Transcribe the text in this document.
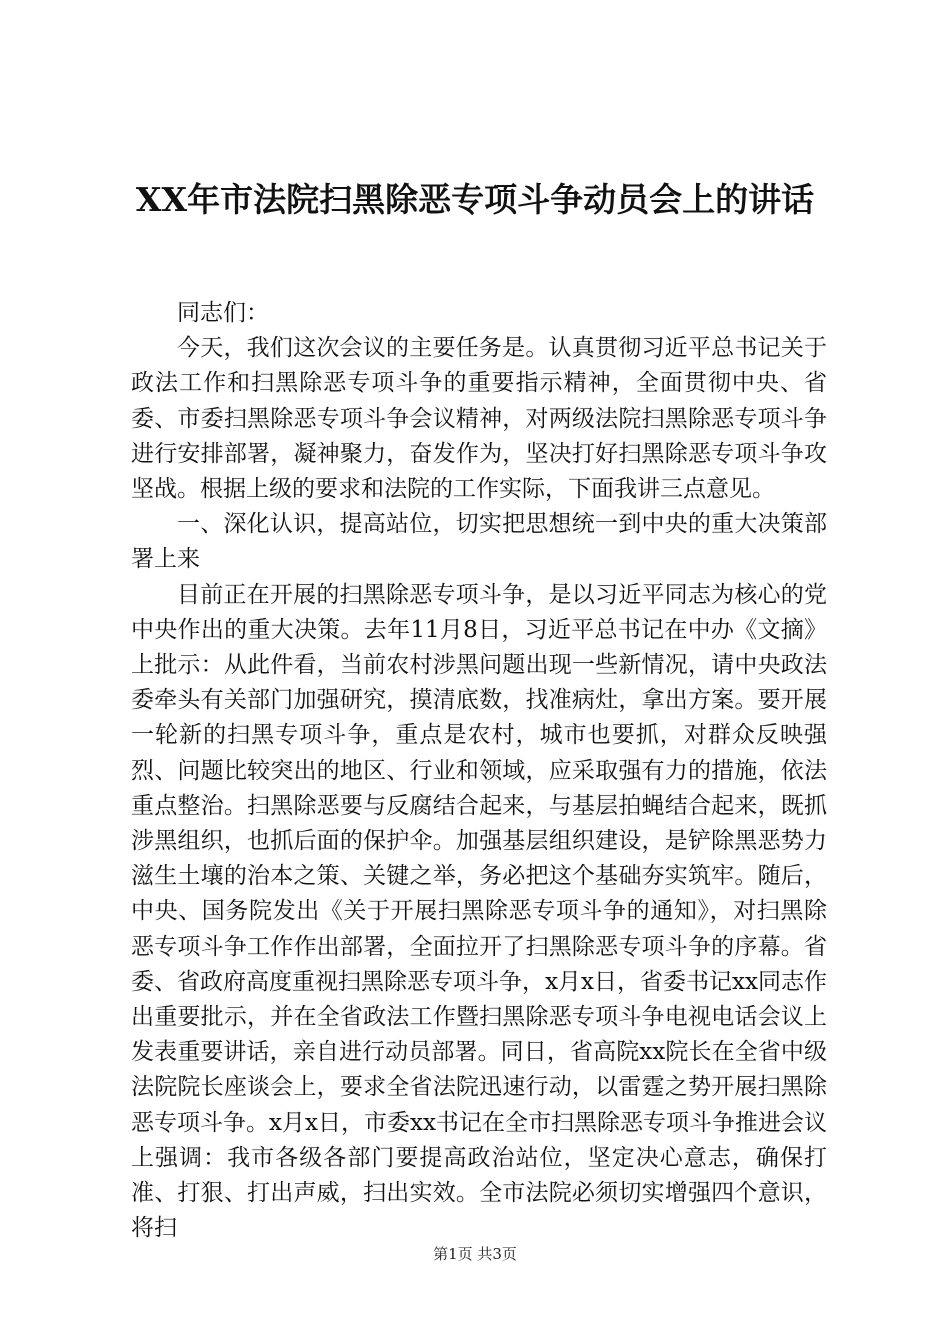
XX年市法院扫黑除恶专项斗争动员会上的讲话

同志们：

今天，我们这次会议的主要任务是。认真贯彻习近平总书记关于政法工作和扫黑除恶专项斗争的重要指示精神，全面贯彻中央、省委、市委扫黑除恶专项斗争会议精神，对两级法院扫黑除恶专项斗争进行安排部署，凝神聚力，奋发作为，坚决打好扫黑除恶专项斗争攻坚战。根据上级的要求和法院的工作实际，下面我讲三点意见。

一、深化认识，提高站位，切实把思想统一到中央的重大决策部署上来

目前正在开展的扫黑除恶专项斗争，是以习近平同志为核心的党中央作出的重大决策。去年11月8日，习近平总书记在中办《文摘》上批示：从此件看，当前农村涉黑问题出现一些新情况，请中央政法委牵头有关部门加强研究，摸清底数，找准病灶，拿出方案。要开展一轮新的扫黑专项斗争，重点是农村，城市也要抓，对群众反映强烈、问题比较突出的地区、行业和领域，应采取强有力的措施，依法重点整治。扫黑除恶要与反腐结合起来，与基层拍蝇结合起来，既抓涉黑组织，也抓后面的保护伞。加强基层组织建设，是铲除黑恶势力滋生土壤的治本之策、关键之举，务必把这个基础夯实筑牢。随后，中央、国务院发出《关于开展扫黑除恶专项斗争的通知》，对扫黑除恶专项斗争工作作出部署，全面拉开了扫黑除恶专项斗争的序幕。省委、省政府高度重视扫黑除恶专项斗争，x月x日，省委书记xx同志作出重要批示，并在全省政法工作暨扫黑除恶专项斗争电视电话会议上发表重要讲话，亲自进行动员部署。同日，省高院xx院长在全省中级法院院长座谈会上，要求全省法院迅速行动，以雷霆之势开展扫黑除恶专项斗争。x月x日，市委xx书记在全市扫黑除恶专项斗争推进会议上强调：我市各级各部门要提高政治站位，坚定决心意志，确保打准、打狠、打出声威，扫出实效。全市法院必须切实增强四个意识，将扫

第1页 共3页
